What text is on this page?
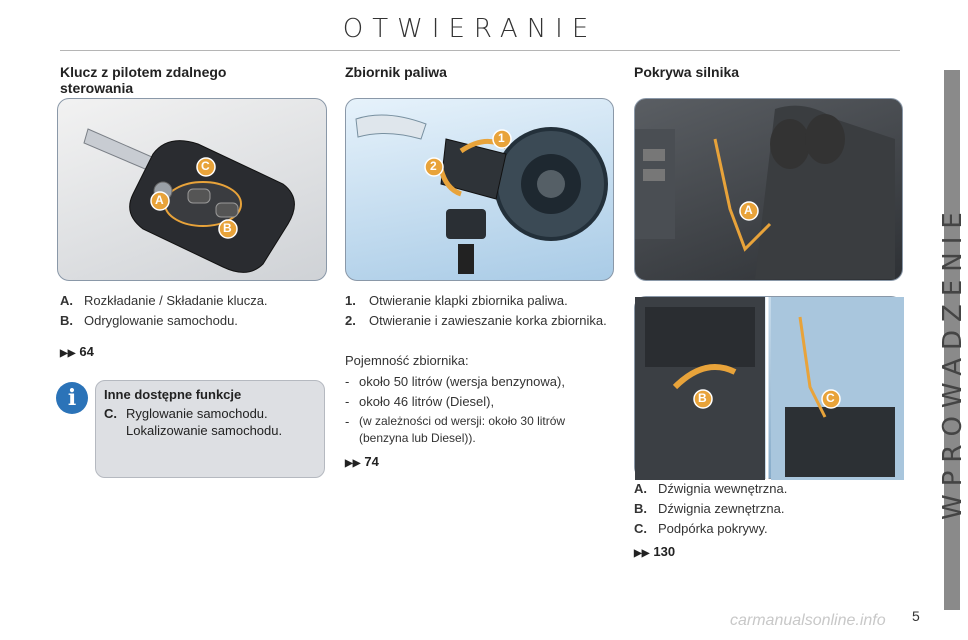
OTWIERANIE
WPROWADZENIE
Klucz z pilotem zdalnego sterowania
C
A
B
A. Rozkładanie / Składanie klucza.
B. Odryglowanie samochodu.
▶▶ 64
i	Inne dostępne funkcje
C. Ryglowanie samochodu.
Lokalizowanie samochodu.
Zbiornik paliwa
1
2
1.	Otwieranie klapki zbiornika paliwa.
2.	Otwieranie i zawieszanie korka zbiornika.
Pojemność zbiornika:
- około 50 litrów (wersja benzynowa),
- około 46 litrów (Diesel),
- (w zależności od wersji: około 30 litrów (benzyna lub Diesel)).
▶▶ 74
Pokrywa silnika
A
B	C
A. Dźwignia wewnętrzna.
B. Dźwignia zewnętrzna.
C. Podpórka pokrywy.
▶▶ 130
carmanualsonline.info 5
